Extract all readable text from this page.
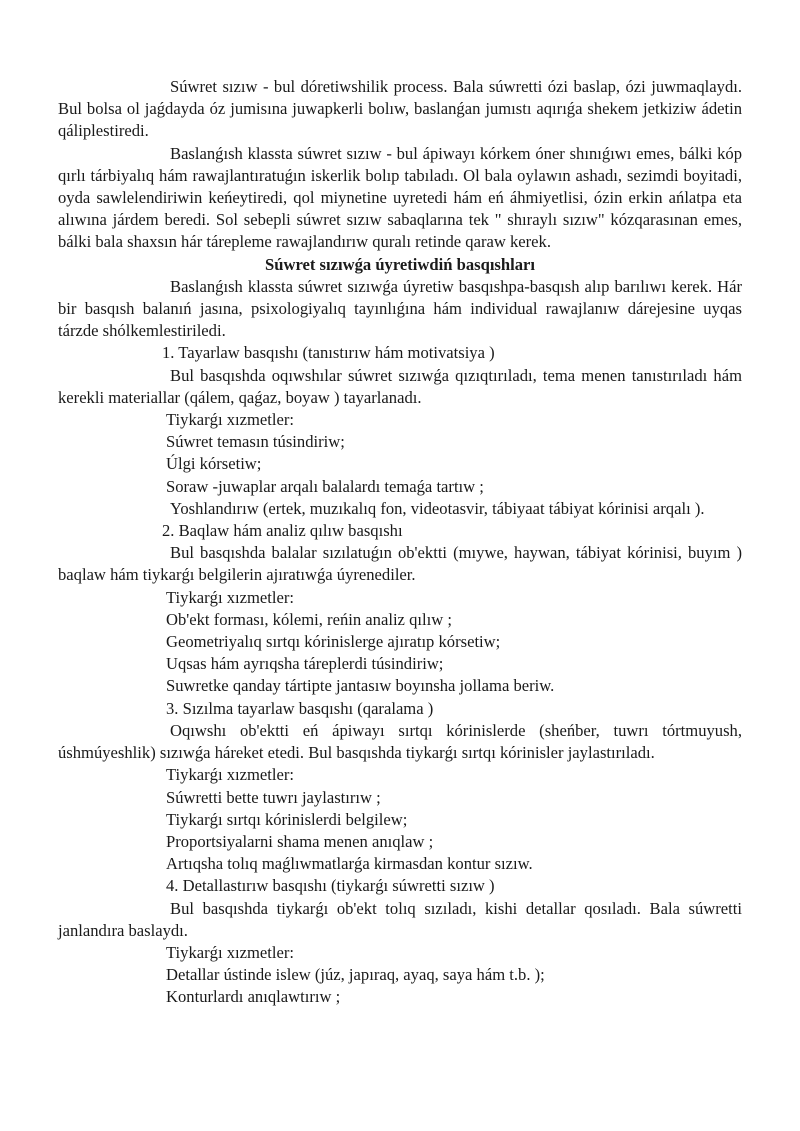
Súwret sızıw - bul dóretiwshilik process. Bala súwretti ózi baslap, ózi juwmaqlaydı. Bul bolsa ol jaǵdayda óz jumisına juwapkerli bolıw, baslanǵan jumıstı aqırıǵa shekem jetkiziw ádetin qáliplestiredi.

Baslanǵısh klassta súwret sızıw - bul ápiwayı kórkem óner shınıǵıwı emes, bálki kóp qırlı tárbiyalıq hám rawajlantıratuǵın iskerlik bolıp tabıladı. Ol bala oylawın ashadı, sezimdi boyitadi, oyda sawlelendiriwin keńeytiredi, qol miynetine uyretedi hám eń áhmiyetlisi, ózin erkin ańlatpa eta alıwına járdem beredi. Sol sebepli súwret sızıw sabaqlarına tek " shıraylı sızıw" kózqarasınan emes, bálki bala shaxsın hár tárepleme rawajlandırıw quralı retinde qaraw kerek.

Súwret sızıwǵa úyretiwdiń basqıshları

Baslanǵısh klassta súwret sızıwǵa úyretiw basqıshpa-basqısh alıp barılıwı kerek. Hár bir basqısh balanıń jasına, psixologiyalıq tayınlıǵına hám individual rawajlanıw dárejesine uyqas tárzde shólkemlestiriledi.

1. Tayarlaw basqıshı (tanıstırıw hám motivatsiya )

Bul basqıshda oqıwshılar súwret sızıwǵa qızıqtırıladı, tema menen tanıstırıladı hám kerekli materiallar (qálem, qaǵaz, boyaw ) tayarlanadı.

Tiykarǵı xızmetler:

Súwret temasın túsindiriw;

Úlgi kórsetiw;

Soraw -juwaplar arqalı balalardı temaǵa tartıw ;

Yoshlandırıw (ertek, muzıkalıq fon, videotasvir, tábiyaat tábiyat kórinisi arqalı ).

2. Baqlaw hám analiz qılıw basqıshı

Bul basqıshda balalar sızılatuǵın ob'ektti (mıywe, haywan, tábiyat kórinisi, buyım ) baqlaw hám tiykarǵı belgilerin ajıratıwǵa úyrenediler.

Tiykarǵı xızmetler:

Ob'ekt forması, kólemi, reńin analiz qılıw ;

Geometriyalıq sırtqı kórinislerge ajıratıp kórsetiw;

Uqsas hám ayrıqsha táreplerdi túsindiriw;

Suwretke qanday tártipte jantasıw boyınsha jollama beriw.

3. Sızılma tayarlaw basqıshı (qaralama )

Oqıwshı ob'ektti eń ápiwayı sırtqı kórinislerde (sheńber, tuwrı tórtmuyush, úshmúyeshlik) sızıwǵa háreket etedi. Bul basqıshda tiykarǵı sırtqı kórinisler jaylastırıladı.

Tiykarǵı xızmetler:

Súwretti bette tuwrı jaylastırıw ;

Tiykarǵı sırtqı kórinislerdi belgilew;

Proportsiyalarni shama menen anıqlaw ;

Artıqsha tolıq maǵlıwmatlarǵa kirmasdan kontur sızıw.

4. Detallastırıw basqıshı (tiykarǵı súwretti sızıw )

Bul basqıshda tiykarǵı ob'ekt tolıq sızıladı, kishi detallar qosıladı. Bala súwretti janlandıra baslaydı.

Tiykarǵı xızmetler:

Detallar ústinde islew (júz, japıraq, ayaq, saya hám t.b. );

Konturlardı anıqlawtırıw ;
